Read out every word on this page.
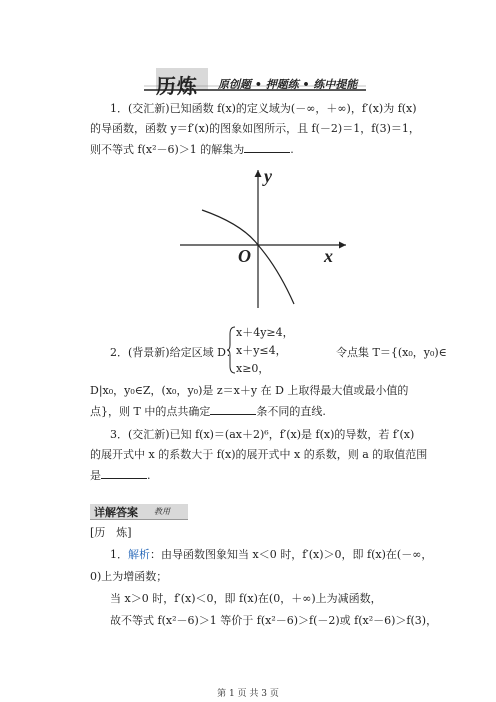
历炼 原创题 • 押题练 • 练中提能
1．(交汇新)已知函数 f(x)的定义域为(－∞，＋∞)，f′(x)为 f(x)
的导函数，函数 y＝f′(x)的图象如图所示，且 f(－2)＝1，f(3)＝1，
则不等式 f(x²－6)＞1 的解集为	.
y
x
O
2．(背景新)给定区域 D：
x＋4y≥4，
x＋y≤4，
x≥0，
令点集 T＝{(x₀，y₀)∈
D|x₀，y₀∈Z，(x₀，y₀)是 z＝x＋y 在 D 上取得最大值或最小值的
点}，则 T 中的点共确定	条不同的直线.
3．(交汇新)已知 f(x)＝(ax＋2)⁶，f′(x)是 f(x)的导数，若 f′(x)
的展开式中 x 的系数大于 f(x)的展开式中 x 的系数，则 a 的取值范围
是	.
详解答案 教用
[历　炼]
1．解析：由导函数图象知当 x＜0 时，f′(x)＞0，即 f(x)在(－∞，
0)上为增函数；
当 x＞0 时，f′(x)＜0，即 f(x)在(0，＋∞)上为减函数，
故不等式 f(x²－6)＞1 等价于 f(x²－6)＞f(－2)或 f(x²－6)＞f(3)，
第 1 页 共 3 页
